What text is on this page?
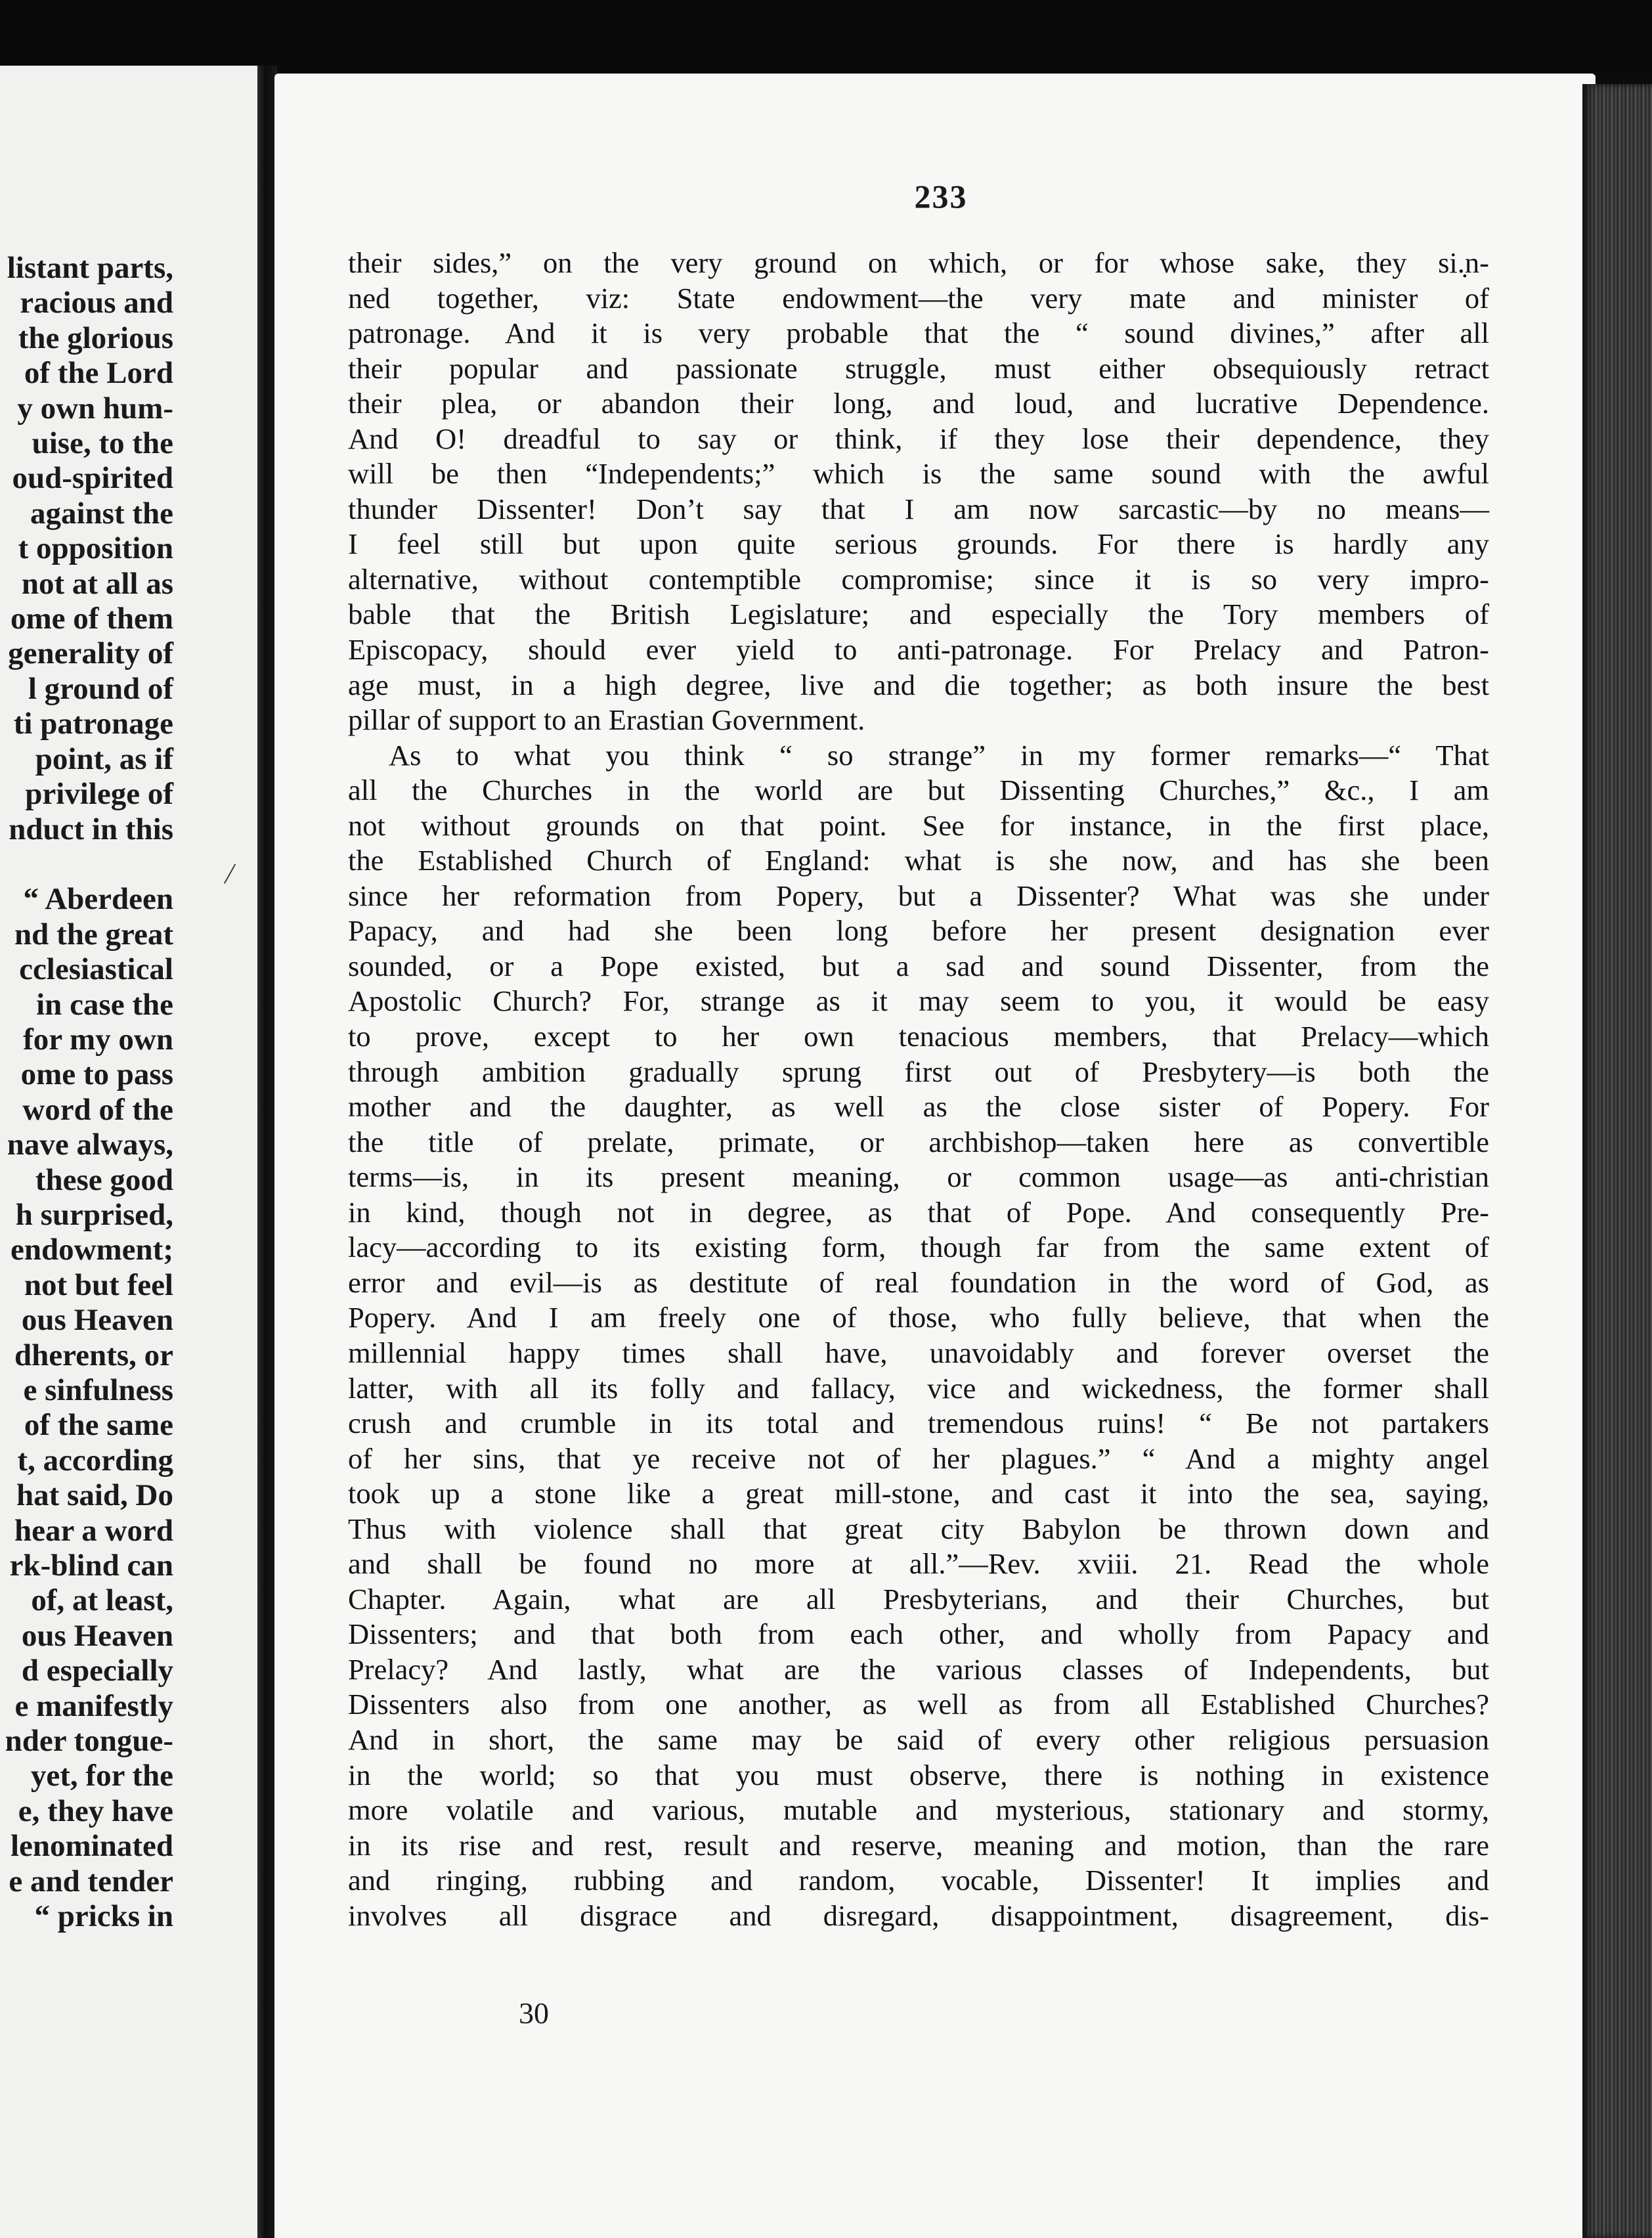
listant parts,
racious and
the glorious
of the Lord
y own hum-
uise, to the
oud-spirited
against the
t opposition
not at all as
ome of them
generality of
l ground of
ti patronage
point, as if
privilege of
nduct in this

“ Aberdeen
nd the great
cclesiastical
in case the
for my own
ome to pass
word of the
nave always,
these good
h surprised,
endowment;
not but feel
ous Heaven
dherents, or
e sinfulness
of the same
t, according
hat said, Do
hear a word
rk-blind can
of, at least,
ous Heaven
d especially
e manifestly
nder tongue-
yet, for the
e, they have
lenominated
e and tender
“ pricks in
/
233
their sides,” on the very ground on which, or for whose sake, they si.̣n-
ned together, viz: State endowment—the very mate and minister of
patronage. And it is very probable that the “ sound divines,” after all
their popular and passionate struggle, must either obsequiously retract
their plea, or abandon their long, and loud, and lucrative Dependence.
And O! dreadful to say or think, if they lose their dependence, they
will be then “Independents;” which is the same sound with the awful
thunder Dissenter! Don’t say that I am now sarcastic—by no means—
I feel still but upon quite serious grounds. For there is hardly any
alternative, without contemptible compromise; since it is so very impro-
bable that the British Legislature; and especially the Tory members of
Episcopacy, should ever yield to anti-patronage. For Prelacy and Patron-
age must, in a high degree, live and die together; as both insure the best
pillar of support to an Erastian Government.
As to what you think “ so strange” in my former remarks—“ That
all the Churches in the world are but Dissenting Churches,” &c., I am
not without grounds on that point. See for instance, in the first place,
the Established Church of England: what is she now, and has she been
since her reformation from Popery, but a Dissenter? What was she under
Papacy, and had she been long before her present designation ever
sounded, or a Pope existed, but a sad and sound Dissenter, from the
Apostolic Church? For, strange as it may seem to you, it would be easy
to prove, except to her own tenacious members, that Prelacy—which
through ambition gradually sprung first out of Presbytery—is both the
mother and the daughter, as well as the close sister of Popery. For
the title of prelate, primate, or archbishop—taken here as convertible
terms—is, in its present meaning, or common usage—as anti-christian
in kind, though not in degree, as that of Pope. And consequently Pre-
lacy—according to its existing form, though far from the same extent of
error and evil—is as destitute of real foundation in the word of God, as
Popery. And I am freely one of those, who fully believe, that when the
millennial happy times shall have, unavoidably and forever overset the
latter, with all its folly and fallacy, vice and wickedness, the former shall
crush and crumble in its total and tremendous ruins! “ Be not partakers
of her sins, that ye receive not of her plagues.” “ And a mighty angel
took up a stone like a great mill-stone, and cast it into the sea, saying,
Thus with violence shall that great city Babylon be thrown down and
and shall be found no more at all.”—Rev. xviii. 21. Read the whole
Chapter. Again, what are all Presbyterians, and their Churches, but
Dissenters; and that both from each other, and wholly from Papacy and
Prelacy? And lastly, what are the various classes of Independents, but
Dissenters also from one another, as well as from all Established Churches?
And in short, the same may be said of every other religious persuasion
in the world; so that you must observe, there is nothing in existence
more volatile and various, mutable and mysterious, stationary and stormy,
in its rise and rest, result and reserve, meaning and motion, than the rare
and ringing, rubbing and random, vocable, Dissenter! It implies and
involves all disgrace and disregard, disappointment, disagreement, dis-
30
